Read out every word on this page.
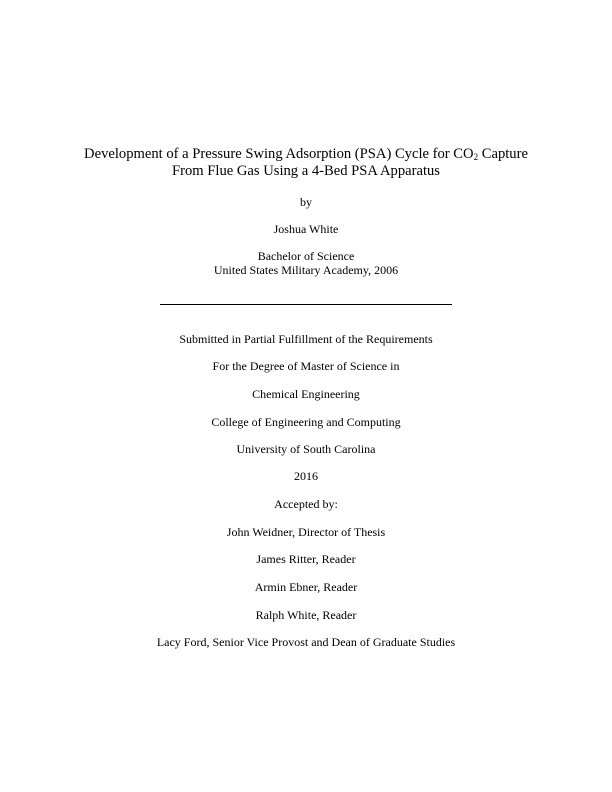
Development of a Pressure Swing Adsorption (PSA) Cycle for $CO_2$ Capture
From Flue Gas Using a 4-Bed PSA Apparatus
by
Joshua White
Bachelor of Science
United States Military Academy, 2006
Submitted in Partial Fulfillment of the Requirements
For the Degree of Master of Science in
Chemical Engineering
College of Engineering and Computing
University of South Carolina
2016
Accepted by:
John Weidner, Director of Thesis
James Ritter, Reader
Armin Ebner, Reader
Ralph White, Reader
Lacy Ford, Senior Vice Provost and Dean of Graduate Studies
